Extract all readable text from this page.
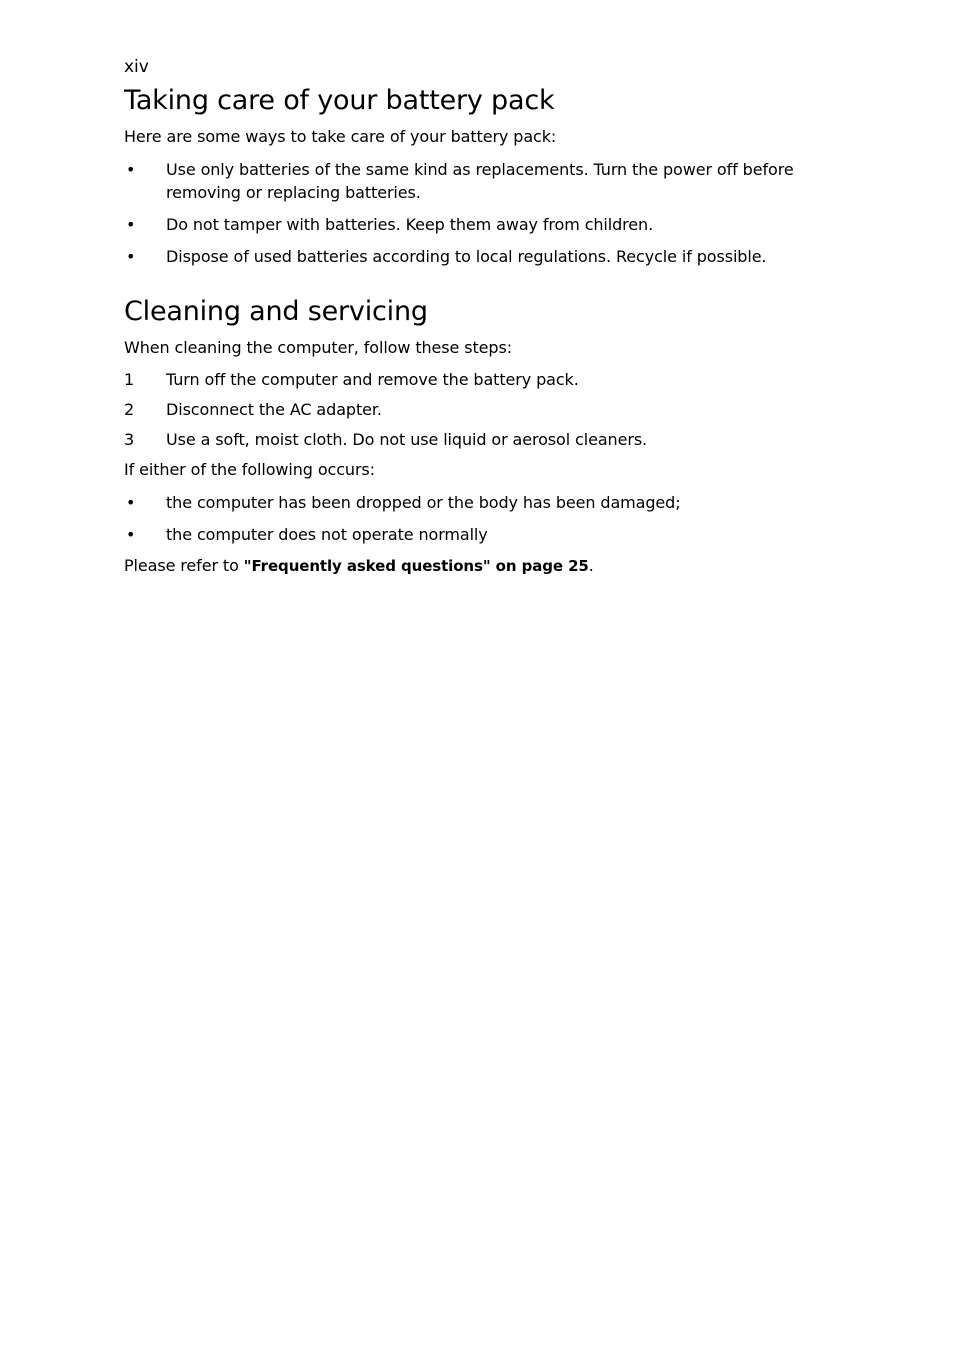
xiv
Taking care of your battery pack

Here are some ways to take care of your battery pack:

• Use only batteries of the same kind as replacements. Turn the power off before removing or replacing batteries.
• Do not tamper with batteries. Keep them away from children.
• Dispose of used batteries according to local regulations. Recycle if possible.
Cleaning and servicing

When cleaning the computer, follow these steps:

1 Turn off the computer and remove the battery pack.
2 Disconnect the AC adapter.
3 Use a soft, moist cloth. Do not use liquid or aerosol cleaners.

If either of the following occurs:

• the computer has been dropped or the body has been damaged;
• the computer does not operate normally

Please refer to "Frequently asked questions" on page 25.
